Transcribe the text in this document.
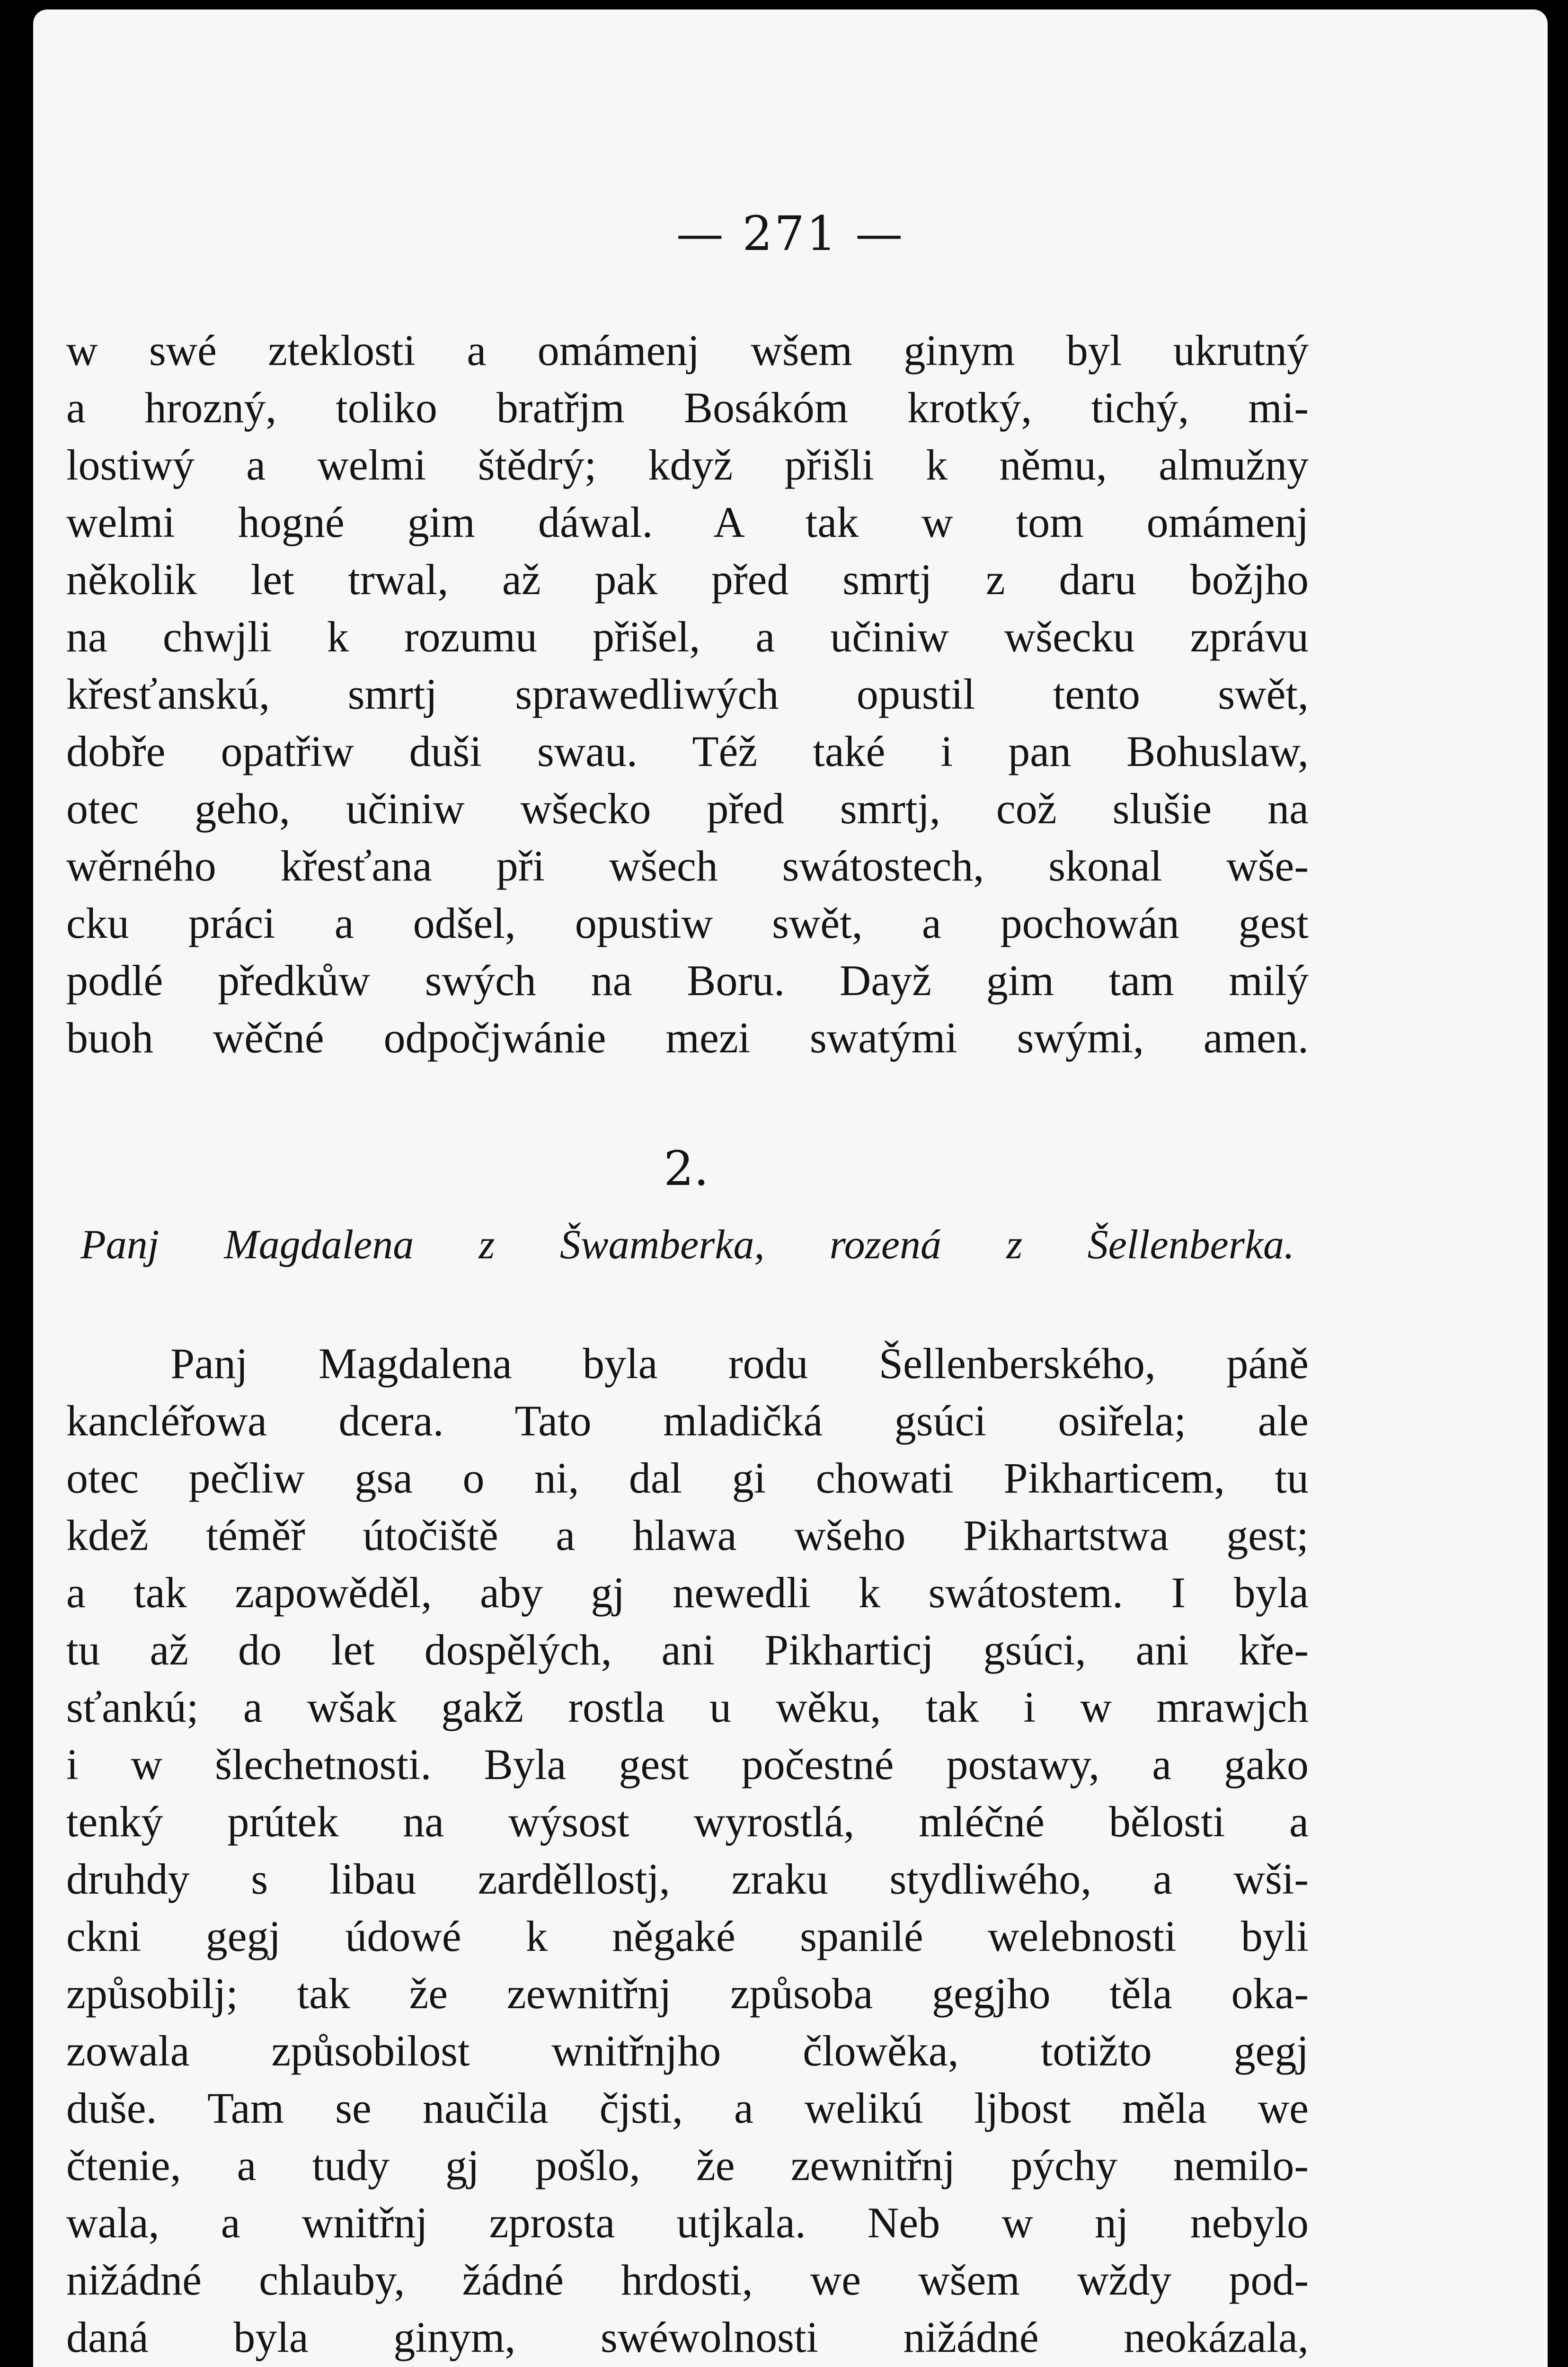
— 271 —
w swé zteklosti a omámenj wšem ginym byl ukrutný
a hrozný, toliko bratřjm Bosákóm krotký, tichý, mi-
lostiwý a welmi štědrý; když přišli k němu, almužny
welmi hogné gim dáwal. A tak w tom omámenj
několik let trwal, až pak před smrtj z daru božjho
na chwjli k rozumu přišel, a učiniw wšecku zprávu
křesťanskú, smrtj sprawedliwých opustil tento swět,
dobře opatřiw duši swau. Též také i pan Bohuslaw,
otec geho, učiniw wšecko před smrtj, což slušie na
wěrného křesťana při wšech swátostech, skonal wše-
cku práci a odšel, opustiw swět, a pochowán gest
podlé předkůw swých na Boru. Dayž gim tam milý
buoh wěčné odpočjwánie mezi swatými swými, amen.
2.
Panj Magdalena z Šwamberka, rozená z Šellenberka.
Panj Magdalena byla rodu Šellenberského, páně
kancléřowa dcera. Tato mladičká gsúci osiřela; ale
otec pečliw gsa o ni, dal gi chowati Pikharticem, tu
kdež téměř útočiště a hlawa wšeho Pikhartstwa gest;
a tak zapowěděl, aby gj newedli k swátostem. I byla
tu až do let dospělých, ani Pikharticj gsúci, ani kře-
sťankú; a wšak gakž rostla u wěku, tak i w mrawjch
i w šlechetnosti. Byla gest počestné postawy, a gako
tenký prútek na wýsost wyrostlá, mléčné bělosti a
druhdy s libau zarděllostj, zraku stydliwého, a wši-
ckni gegj údowé k něgaké spanilé welebnosti byli
způsobilj; tak že zewnitřnj způsoba gegjho těla oka-
zowala způsobilost wnitřnjho člowěka, totižto gegj
duše. Tam se naučila čjsti, a welikú ljbost měla we
čtenie, a tudy gj pošlo, že zewnitřnj pýchy nemilo-
wala, a wnitřnj zprosta utjkala. Neb w nj nebylo
nižádné chlauby, žádné hrdosti, we wšem wždy pod-
daná byla ginym, swéwolnosti nižádné neokázala,
